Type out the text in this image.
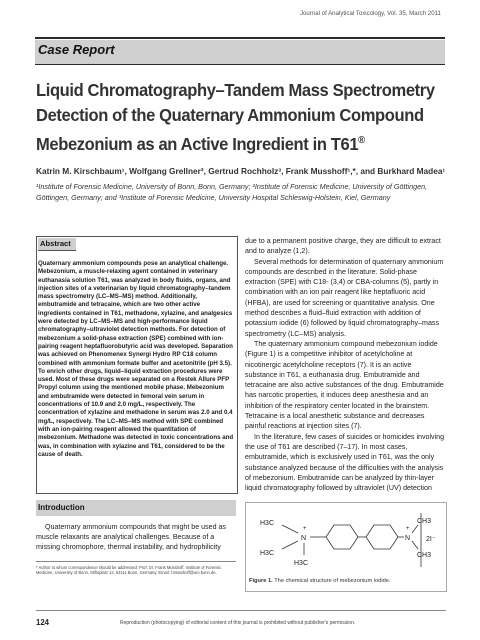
Journal of Analytical Toxicology, Vol. 35, March 2011
Case Report
Liquid Chromatography–Tandem Mass Spectrometry
Detection of the Quaternary Ammonium Compound
Mebezonium as an Active Ingredient in T61®
Katrin M. Kirschbaum¹, Wolfgang Grellner², Gertrud Rochholz³, Frank Musshoff¹,*, and Burkhard Madea¹
¹Institute of Forensic Medicine, University of Bonn, Bonn, Germany; ²Institute of Forensic Medicine, University of Göttingen, Göttingen, Germany; and ³Institute of Forensic Medicine, University Hospital Schleswig-Holstein, Kiel, Germany
Abstract
Quaternary ammonium compounds pose an analytical challenge. Mebezonium, a muscle-relaxing agent contained in veterinary euthanasia solution T61, was analyzed in body fluids, organs, and injection sites of a veterinarian by liquid chromatography–tandem mass spectrometry (LC–MS–MS) method. Additionally, embutramide and tetracaine, which are two other active ingredients contained in T61, methadone, xylazine, and analgesics were detected by LC–MS–MS and high-performance liquid chromatography–ultraviolet detection methods. For detection of mebezonium a solid-phase extraction (SPE) combined with ion-pairing reagent heptafluorobutyric acid was developed. Separation was achieved on Phenomenex Synergi Hydro RP C18 column combined with ammonium formate buffer and acetonitrile (pH 3.5). To enrich other drugs, liquid–liquid extraction procedures were used. Most of these drugs were separated on a Restek Allure PFP Propyl column using the mentioned mobile phase. Mebezonium and embutramide were detected in femoral vein serum in concentrations of 10.9 and 2.0 mg/L, respectively. The concentration of xylazine and methadone in serum was 2.0 and 0.4 mg/L, respectively. The LC–MS–MS method with SPE combined with an ion-pairing reagent allowed the quantitation of mebezonium. Methadone was detected in toxic concentrations and was, in combination with xylazine and T61, considered to be the cause of death.
Introduction
Quaternary ammonium compounds that might be used as muscle relaxants are analytical challenges. Because of a missing chromophore, thermal instability, and hydrophilicity
* Author to whom correspondence should be addressed: Prof. Dr. Frank Musshoff, Institute of Forensic Medicine, University of Bonn, Stiftsplatz 12, 53111 Bonn, Germany. Email: f.Musshoff@uni-bonn.de.

due to a permanent positive charge, they are difficult to extract and to analyze (1,2).

Several methods for determination of quaternary ammonium compounds are described in the literature. Solid-phase extraction (SPE) with C18- (3,4) or CBA-columns (5), partly in combination with an ion pair reagent like heptafluoric acid (HFBA), are used for screening or quantitative analysis. One method describes a fluid–fluid extraction with addition of potassium iodide (6) followed by liquid chromatography–mass spectrometry (LC–MS) analysis.

The quaternary ammonium compound mebezonium iodide (Figure 1) is a competitive inhibitor of acetylcholine at nicotinergic acetylcholine receptors (7). It is an active substance in T61, a euthanasia drug. Embutramide and tetracaine are also active substances of the drug. Embutramide has narcotic properties, it induces deep anesthesia and an inhibition of the respiratory center located in the brainstem. Tetracaine is a local anesthetic substance and decreases painful reactions at injection sites (7).

In the literature, few cases of suicides or homicides involving the use of T61 are described (7–17). In most cases, embutramide, which is exclusively used in T61, was the only substance analyzed because of the difficulties with the analysis of mebezonium. Embutramide can be analyzed by thin-layer liquid chromatography followed by ultraviolet (UV) detection

H3C
H3C
N
+
H3C
N
+
CH3
CH3
2I⁻
Figure 1. The chemical structure of mebezonium iodide.
124	Reproduction (photocopying) of editorial content of this journal is prohibited without publisher's permission.
